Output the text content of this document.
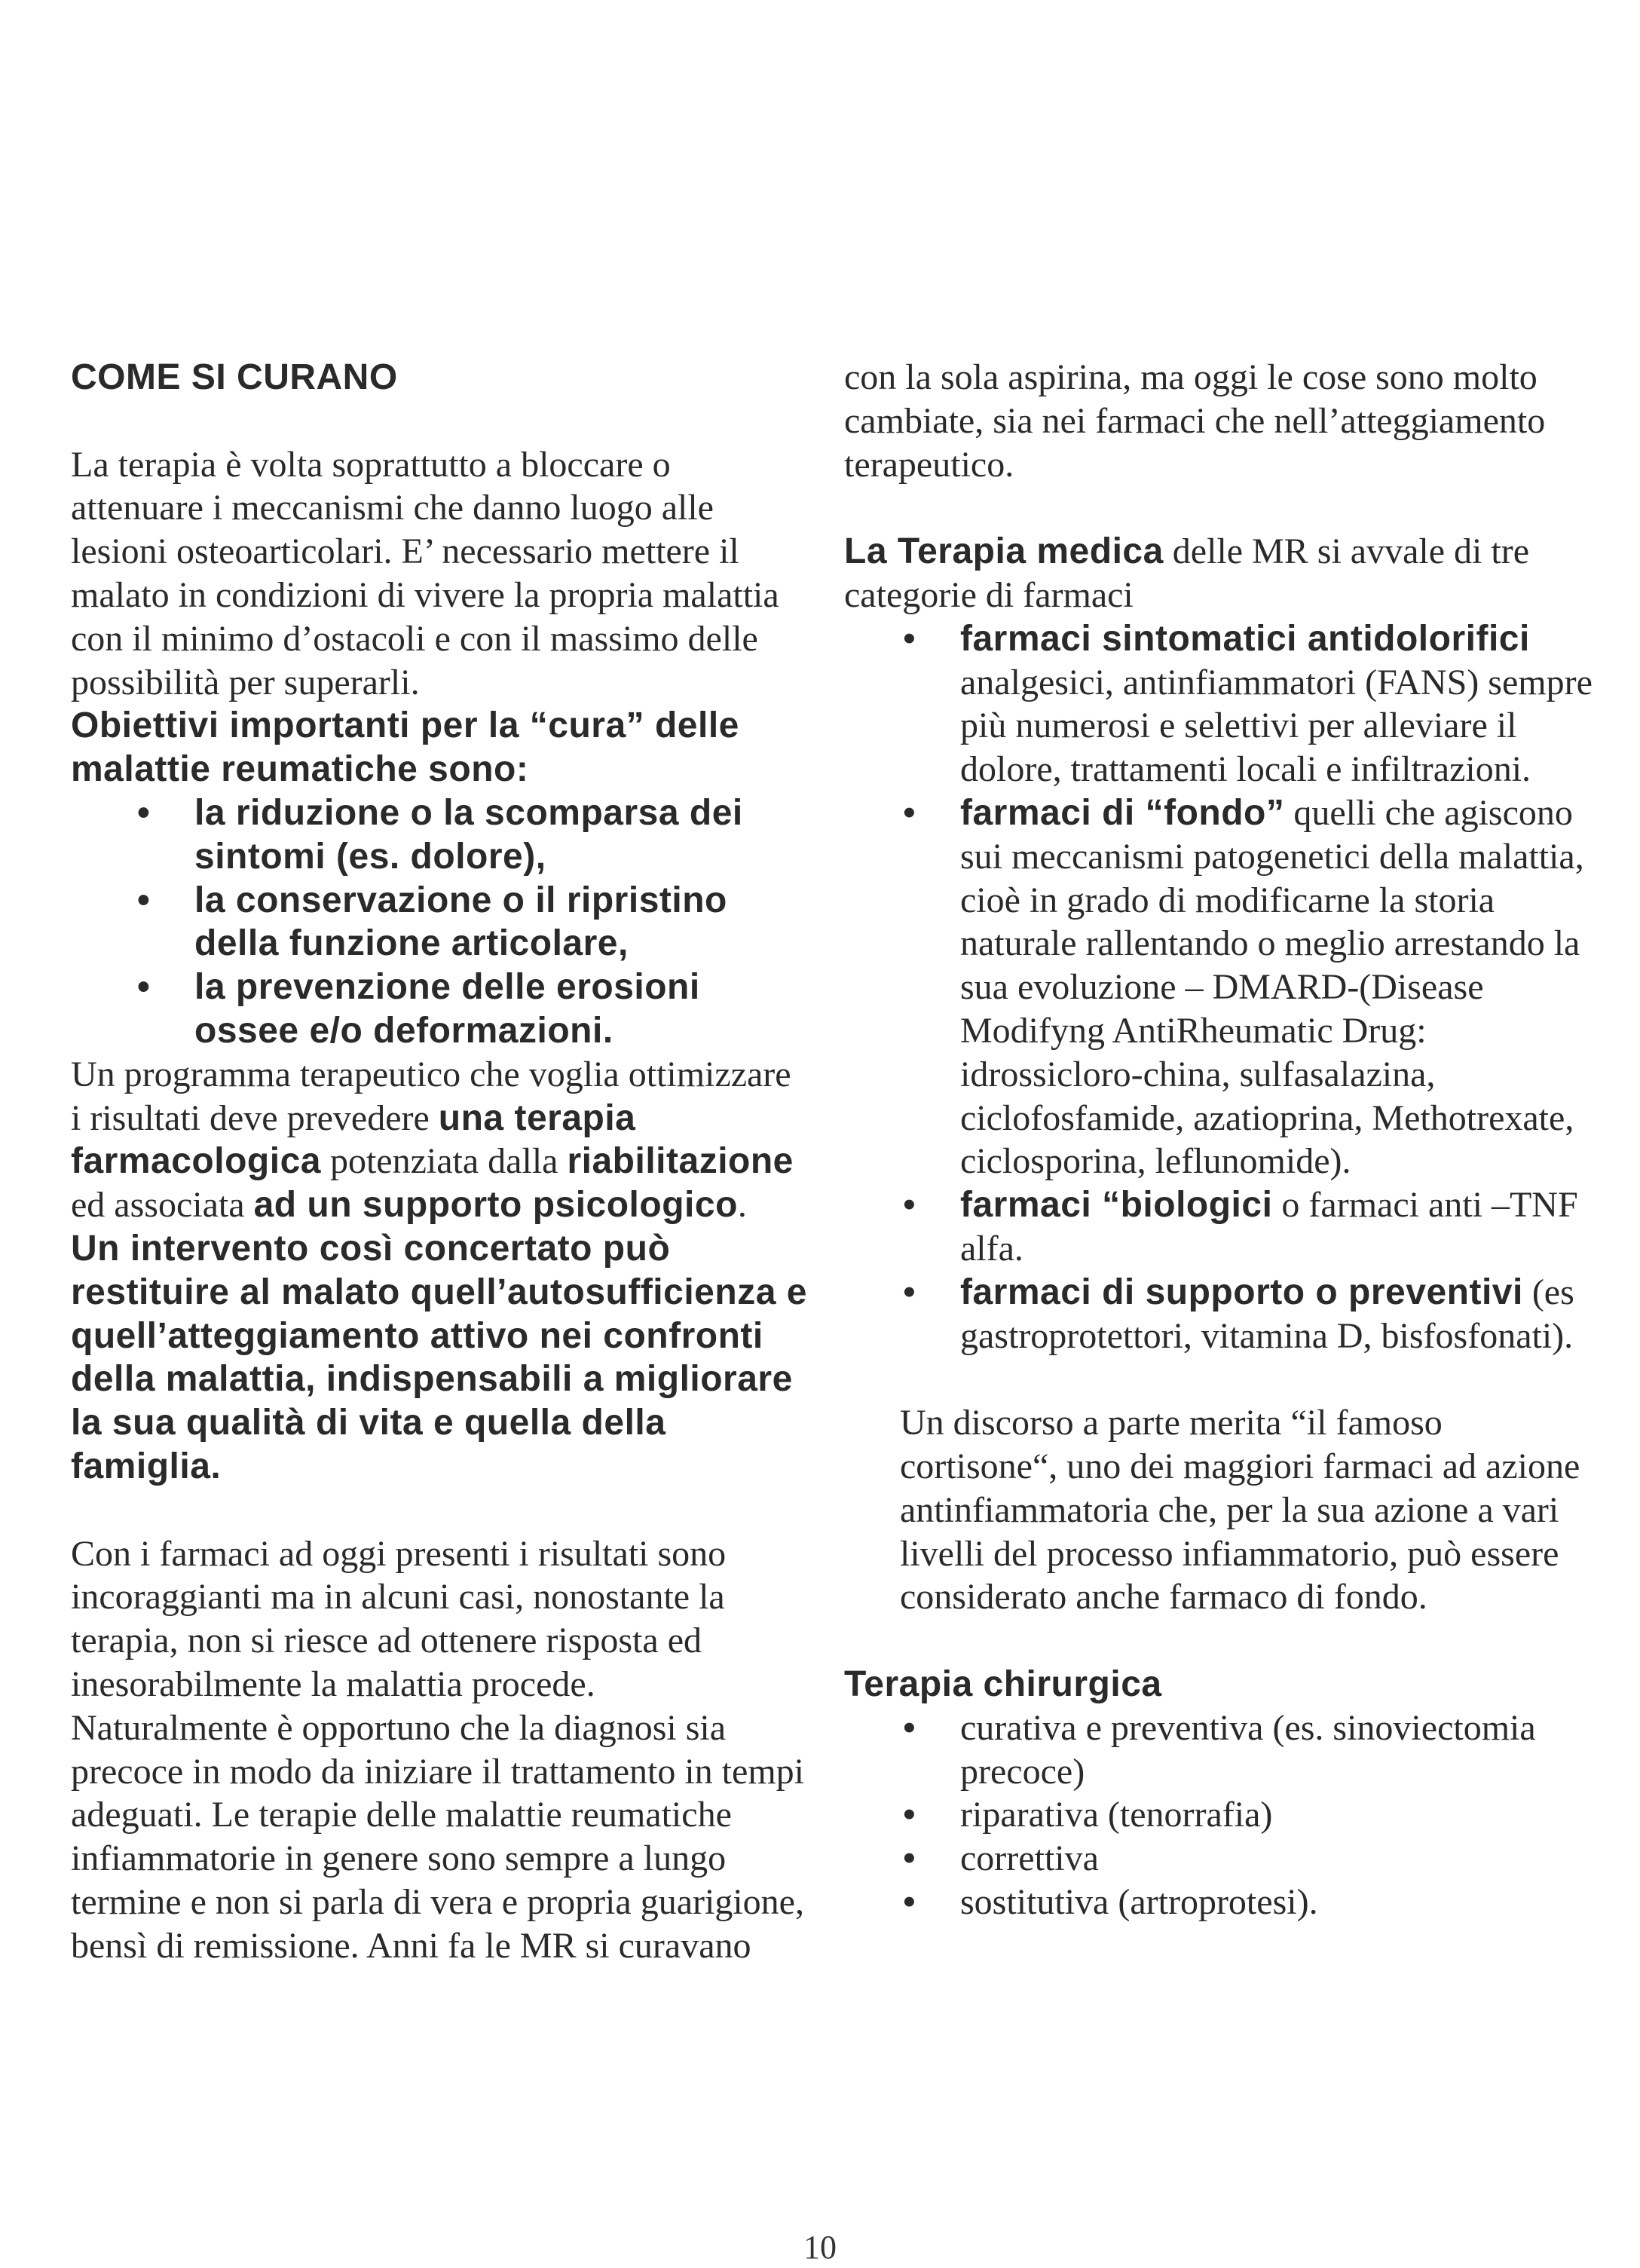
COME SI CURANO

La terapia è volta soprattutto a bloccare o attenuare i meccanismi che danno luogo alle lesioni osteoarticolari. E’ necessario mettere il malato in condizioni di vivere la propria malattia con il minimo d’ostacoli e con il massimo delle possibilità per superarli.

Obiettivi importanti per la “cura” delle malattie reumatiche sono:

• la riduzione o la scomparsa dei sintomi (es. dolore),
• la conservazione o il ripristino della funzione articolare,
• la prevenzione delle erosioni ossee e/o deformazioni.

Un programma terapeutico che voglia ottimizzare i risultati deve prevedere una terapia farmacologica potenziata dalla riabilitazione ed associata ad un supporto psicologico.

Un intervento così concertato può restituire al malato quell’autosufficienza e quell’atteggiamento attivo nei confronti della malattia, indispensabili a migliorare la sua qualità di vita e quella della famiglia.

Con i farmaci ad oggi presenti i risultati sono incoraggianti ma in alcuni casi, nonostante la terapia, non si riesce ad ottenere risposta ed inesorabilmente la malattia procede.

Naturalmente è opportuno che la diagnosi sia precoce in modo da iniziare il trattamento in tempi adeguati. Le terapie delle malattie reumatiche infiammatorie in genere sono sempre a lungo termine e non si parla di vera e propria guarigione, bensì di remissione. Anni fa le MR si curavano

con la sola aspirina, ma oggi le cose sono molto cambiate, sia nei farmaci che nell’atteggiamento terapeutico.

La Terapia medica delle MR si avvale di tre categorie di farmaci

• farmaci sintomatici antidolorifici analgesici, antinfiammatori (FANS) sempre più numerosi e selettivi per alleviare il dolore, trattamenti locali e infiltrazioni.
• farmaci di “fondo” quelli che agiscono sui meccanismi patogenetici della malattia, cioè in grado di modificarne la storia naturale rallentando o meglio arrestando la sua evoluzione – DMARD-(Disease Modifyng AntiRheumatic Drug: idrossicloro-china, sulfasalazina, ciclofosfamide, azatioprina, Methotrexate, ciclosporina, leflunomide).
• farmaci “biologici o farmaci anti –TNF alfa.
• farmaci di supporto o preventivi (es gastroprotettori, vitamina D, bisfosfonati).

Un discorso a parte merita “il famoso cortisone“, uno dei maggiori farmaci ad azione antinfiammatoria che, per la sua azione a vari livelli del processo infiammatorio, può essere considerato anche farmaco di fondo.

Terapia chirurgica

• curativa e preventiva (es. sinoviectomia precoce)
• riparativa (tenorrafia)
• correttiva
• sostitutiva (artroprotesi).
10
